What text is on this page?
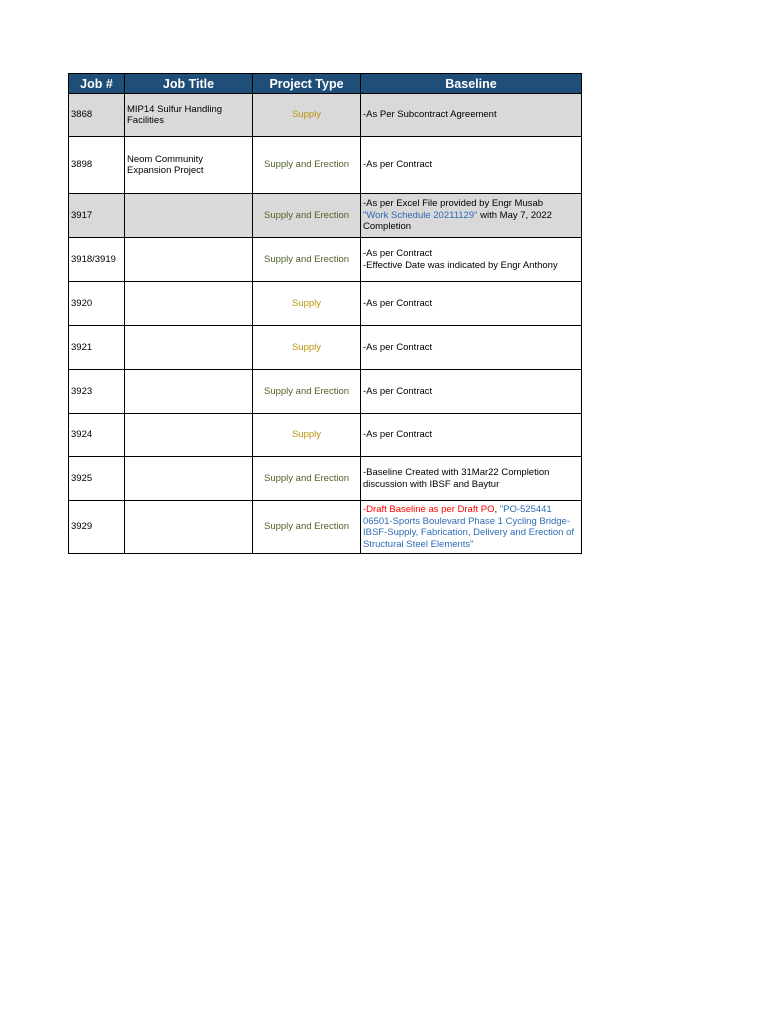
Job #	Job Title	Project Type	Baseline
3868	MIP14 Sulfur Handling Facilities	Supply	-As Per Subcontract Agreement
3898	Neom Community Expansion Project	Supply and Erection	-As per Contract
3917		Supply and Erection	-As per Excel File provided by Engr Musab
"Work Schedule 20211129" with May 7, 2022 Completion
3918/3919		Supply and Erection	-As per Contract
-Effective Date was indicated by Engr Anthony

3920		Supply	-As per Contract
3921		Supply	-As per Contract
3923		Supply and Erection	-As per Contract
3924		Supply	-As per Contract
3925		Supply and Erection	-Baseline Created with 31Mar22 Completion discussion with IBSF and Baytur
3929		Supply and Erection	-Draft Baseline as per Draft PO, "PO-525441 06501-Sports Boulevard Phase 1 Cycling Bridge-IBSF-Supply, Fabrication, Delivery and Erection of Structural Steel Elements"
